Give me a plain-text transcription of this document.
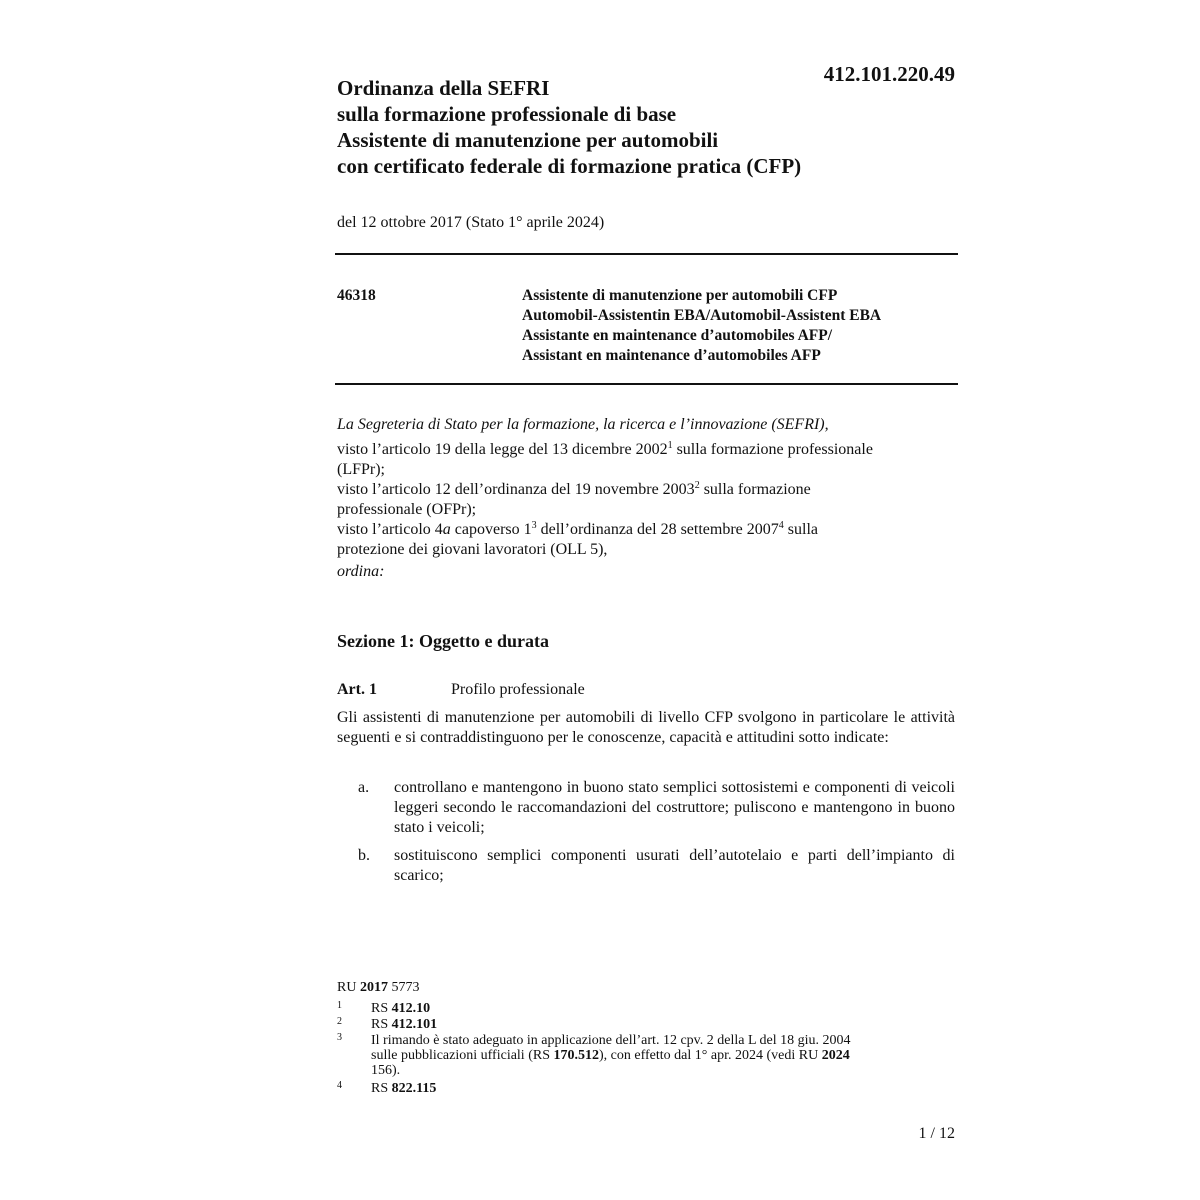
Ordinanza della SEFRI
sulla formazione professionale di base
Assistente di manutenzione per automobili
con certificato federale di formazione pratica (CFP)
412.101.220.49
del 12 ottobre 2017 (Stato 1° aprile 2024)
46318	Assistente di manutenzione per automobili CFP
Automobil-Assistentin EBA/Automobil-Assistent EBA
Assistante en maintenance d’automobiles AFP/
Assistant en maintenance d’automobiles AFP
La Segreteria di Stato per la formazione, la ricerca e l’innovazione (SEFRI),
visto l’articolo 19 della legge del 13 dicembre 2002$^1$ sulla formazione professionale
(LFPr);
visto l’articolo 12 dell’ordinanza del 19 novembre 2003$^2$ sulla formazione
professionale (OFPr);
visto l’articolo 4a capoverso $1^3$ dell’ordinanza del 28 settembre 2007$^4$ sulla
protezione dei giovani lavoratori (OLL 5),
ordina:
Sezione 1: Oggetto e durata
Art. 1	Profilo professionale
Gli assistenti di manutenzione per automobili di livello CFP svolgono in particolare le attività seguenti e si contraddistinguono per le conoscenze, capacità e attitudini sotto indicate:
a. controllano e mantengono in buono stato semplici sottosistemi e componenti di veicoli leggeri secondo le raccomandazioni del costruttore; puliscono e mantengono in buono stato i veicoli;
b. sostituiscono semplici componenti usurati dell’autotelaio e parti dell’impianto di scarico;
RU 2017 5773
1 RS 412.10
2 RS 412.101
3 Il rimando è stato adeguato in applicazione dell’art. 12 cpv. 2 della L del 18 giu. 2004
sulle pubblicazioni ufficiali (RS 170.512), con effetto dal 1° apr. 2024 (vedi RU 2024
156).
4 RS 822.115
1 / 12
